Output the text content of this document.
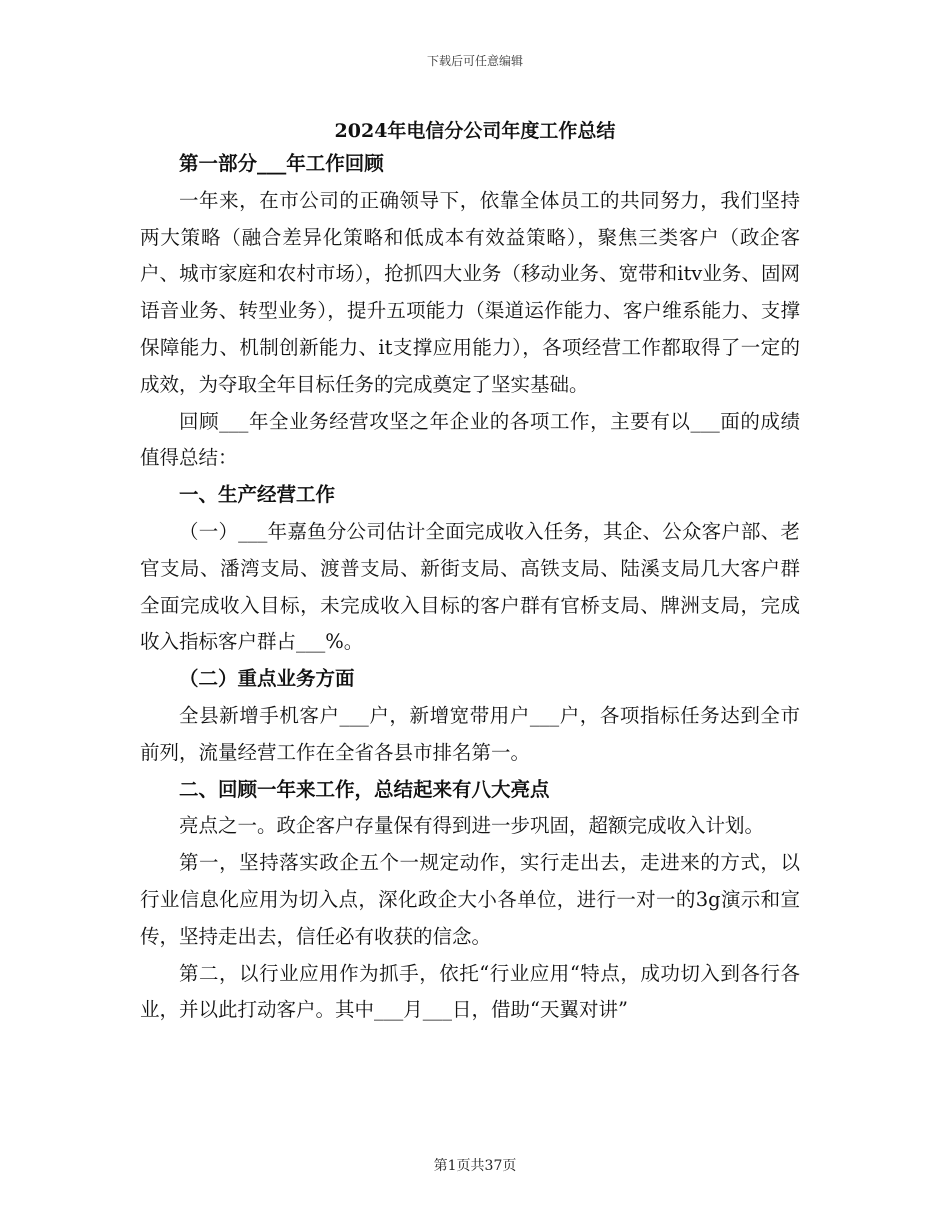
下载后可任意编辑
2024年电信分公司年度工作总结

第一部分___年工作回顾

一年来，在市公司的正确领导下，依靠全体员工的共同努力，我们坚持两大策略（融合差异化策略和低成本有效益策略），聚焦三类客户（政企客户、城市家庭和农村市场），抢抓四大业务（移动业务、宽带和itv业务、固网语音业务、转型业务），提升五项能力（渠道运作能力、客户维系能力、支撑保障能力、机制创新能力、it支撑应用能力），各项经营工作都取得了一定的成效，为夺取全年目标任务的完成奠定了坚实基础。

回顾___年全业务经营攻坚之年企业的各项工作，主要有以___面的成绩值得总结：

一、生产经营工作

（一）___年嘉鱼分公司估计全面完成收入任务，其企、公众客户部、老官支局、潘湾支局、渡普支局、新街支局、高铁支局、陆溪支局几大客户群全面完成收入目标，未完成收入目标的客户群有官桥支局、牌洲支局，完成收入指标客户群占___%。

（二）重点业务方面

全县新增手机客户___户，新增宽带用户___户，各项指标任务达到全市前列，流量经营工作在全省各县市排名第一。

二、回顾一年来工作，总结起来有八大亮点

亮点之一。政企客户存量保有得到进一步巩固，超额完成收入计划。

第一，坚持落实政企五个一规定动作，实行走出去，走进来的方式，以行业信息化应用为切入点，深化政企大小各单位，进行一对一的3g演示和宣传，坚持走出去，信任必有收获的信念。

第二，以行业应用作为抓手，依托“行业应用“特点，成功切入到各行各业，并以此打动客户。其中___月___日，借助“天翼对讲”

第1页共37页
